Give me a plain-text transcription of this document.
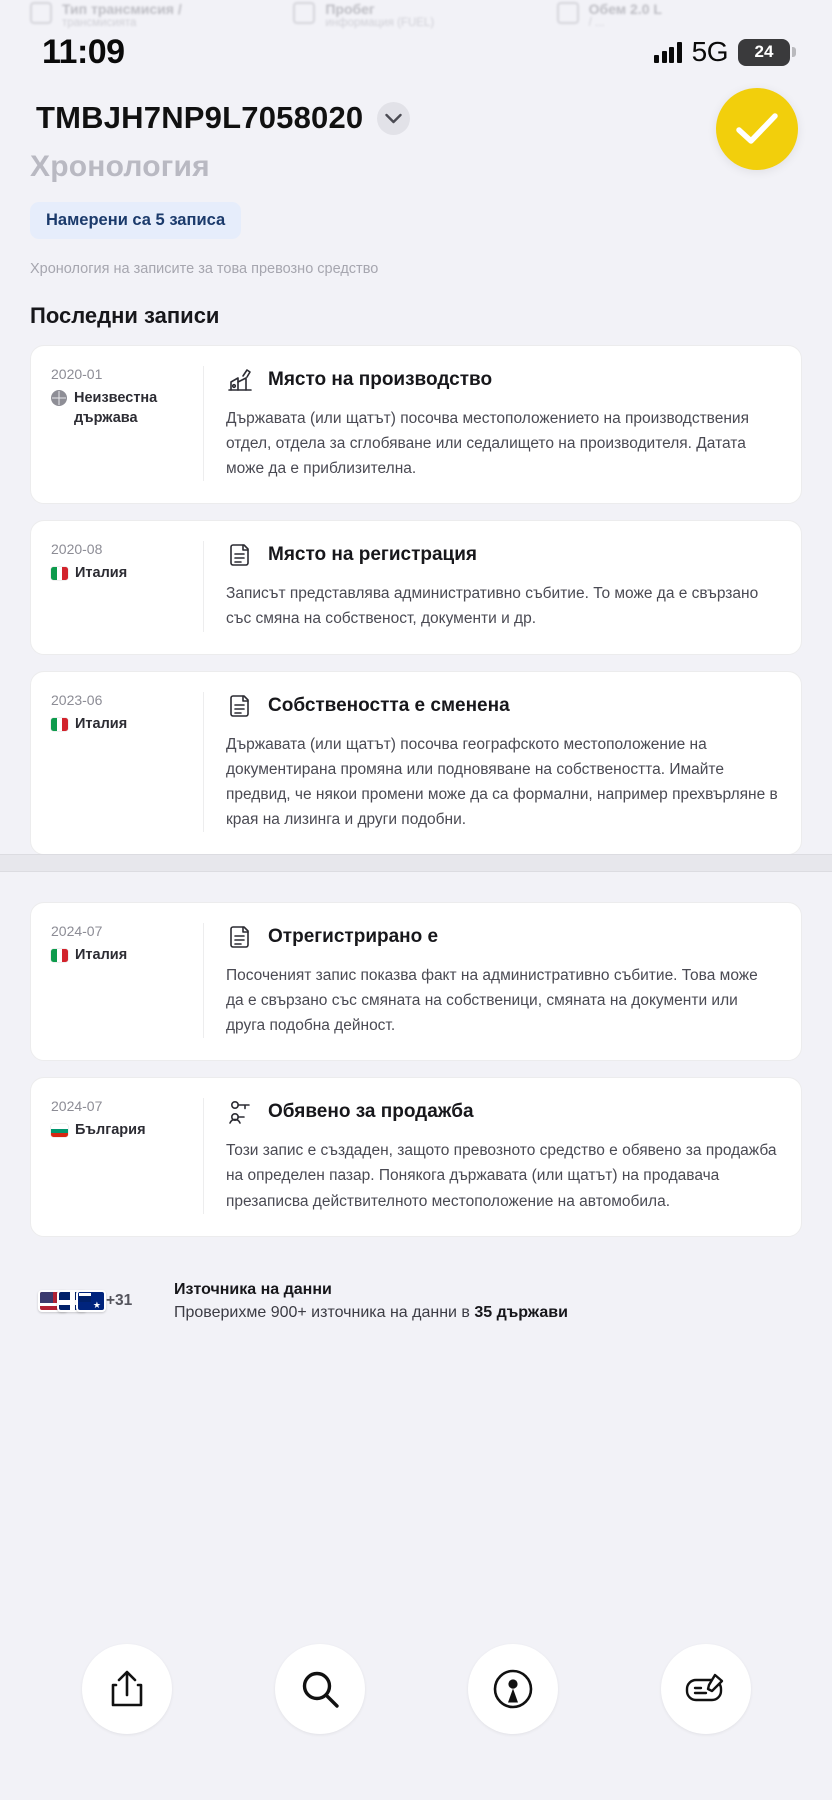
Тип трансмисия /
трансмисията
Пробег
информация (FUEL)
Обем 2.0 L
/ ...
11:09	5G 24
TMBJH7NP9L7058020
Хронология
Намерени са 5 записа
Хронология на записите за това превозно средство
Последни записи
2020-01
Неизвестна държава
Място на производство
Държавата (или щатът) посочва местоположението на производствения отдел, отдела за сглобяване или седалището на производителя. Датата може да е приблизителна.
2020-08
Италия
Място на регистрация
Записът представлява административно събитие. То може да е свързано със смяна на собственост, документи и др.
2023-06
Италия
Собствеността е сменена
Държавата (или щатът) посочва географското местоположение на документирана промяна или подновяване на собствеността. Имайте предвид, че някои промени може да са формални, например прехвърляне в края на лизинга и други подобни.
2024-07
Италия
Отрегистрирано е
Посоченият запис показва факт на административно събитие. Това може да е свързано със смяната на собственици, смяната на документи или друга подобна дейност.
2024-07
България
Обявено за продажба
Този запис е създаден, защото превозното средство е обявено за продажба на определен пазар. Понякога държавата (или щатът) на продавача презаписва действителното местоположение на автомобила.
★
+31
Източника на данни
Проверихме 900+ източника на данни в 35 държави
